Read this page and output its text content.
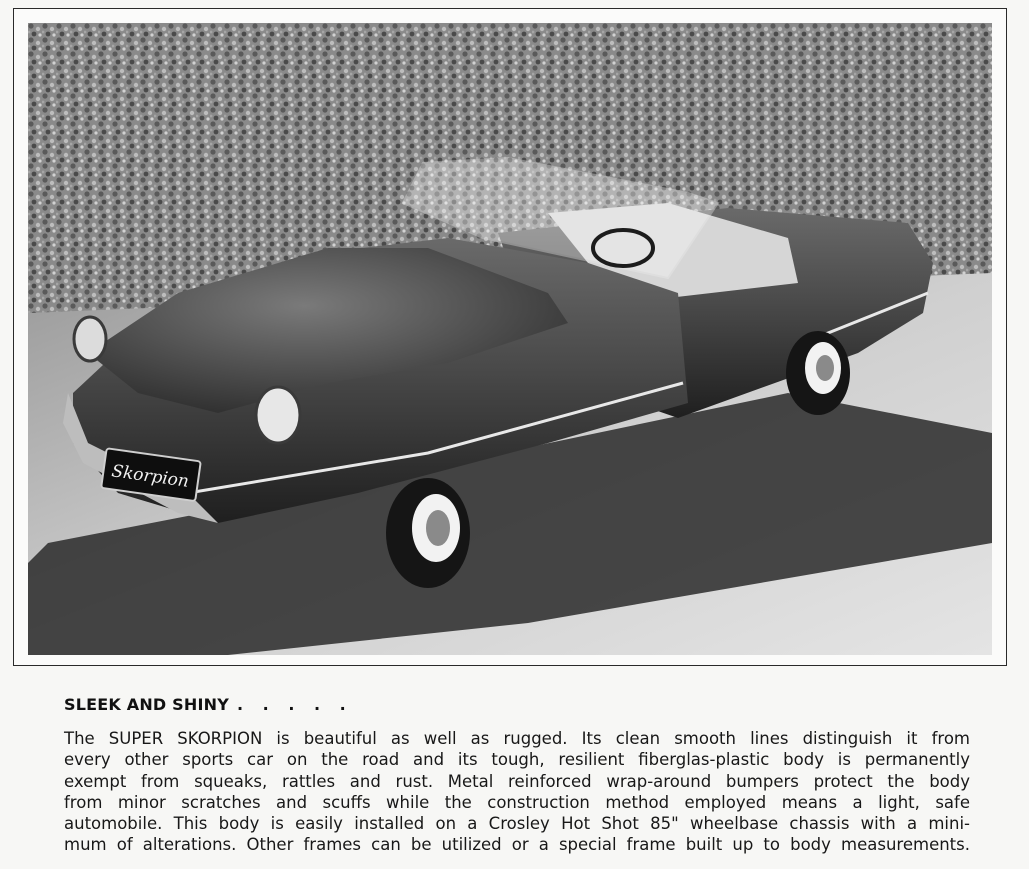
Skorpion
SLEEK AND SHINY . . . . .
The SUPER SKORPION is beautiful as well as rugged. Its clean smooth lines distinguish it from
every other sports car on the road and its tough, resilient fiberglas-plastic body is permanently
exempt from squeaks, rattles and rust. Metal reinforced wrap-around bumpers protect the body
from minor scratches and scuffs while the construction method employed means a light, safe
automobile. This body is easily installed on a Crosley Hot Shot 85" wheelbase chassis with a mini-
mum of alterations. Other frames can be utilized or a special frame built up to body measurements.
